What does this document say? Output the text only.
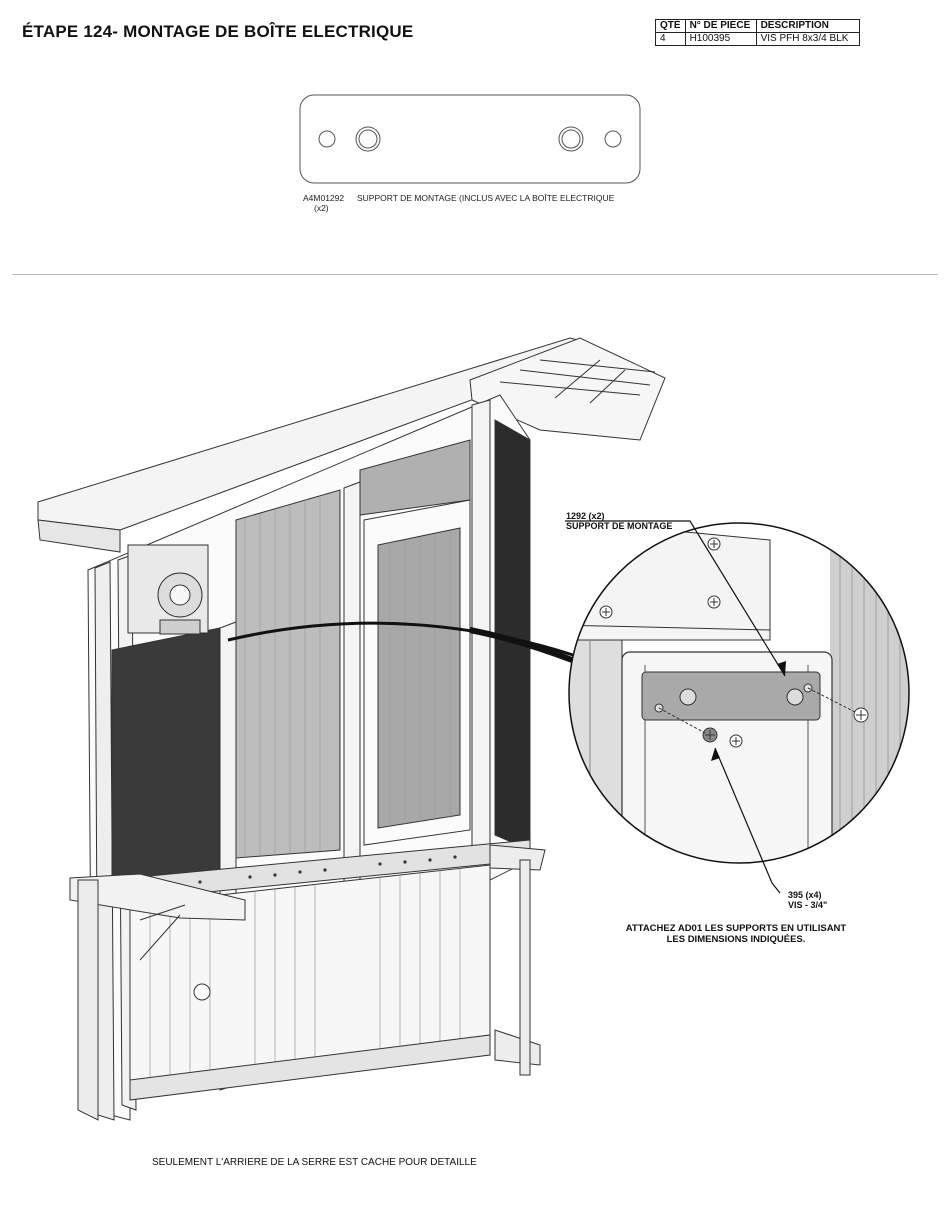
ÉTAPE 124- MONTAGE DE BOÎTE ELECTRIQUE	QTÉ	N° DE PIECE	DESCRIPTION
4	H100395	VIS PFH 8x3/4 BLK
A4M01292 SUPPORT DE MONTAGE (INCLUS AVEC LA BOÎTE ELECTRIQUE
(x2)
1292 (x2)
SUPPORT DE MONTAGE
395 (x4)
VIS - 3/4"
ATTACHEZ AD01 LES SUPPORTS EN UTILISANT
LES DIMENSIONS INDIQUÉES.
SEULEMENT L'ARRIERE DE LA SERRE EST CACHE POUR DETAILLE
